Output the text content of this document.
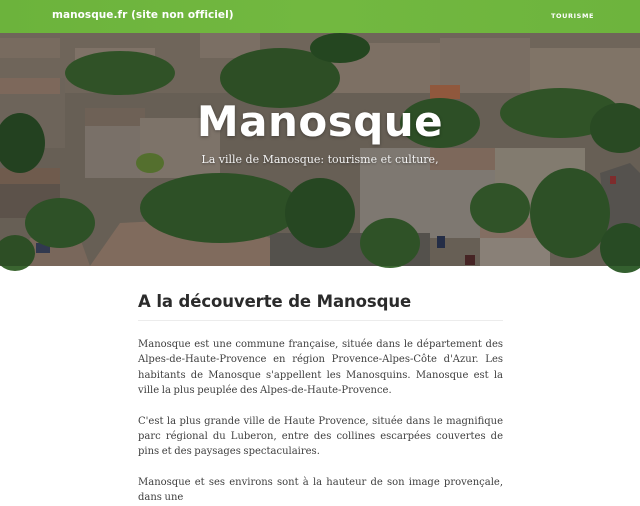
manosque.fr (site non officiel)	TOURISME
Manosque
La ville de Manosque: tourisme et culture,
A la découverte de Manosque

Manosque est une commune française, située dans le département des Alpes-de-Haute-Provence en région Provence-Alpes-Côte d'Azur. Les habitants de Manosque s'appellent les Manosquins. Manosque est la ville la plus peuplée des Alpes-de-Haute-Provence.

C'est la plus grande ville de Haute Provence, située dans le magnifique parc régional du Luberon, entre des collines escarpées couvertes de pins et des paysages spectaculaires.

Manosque et ses environs sont à la hauteur de son image provençale, dans une
